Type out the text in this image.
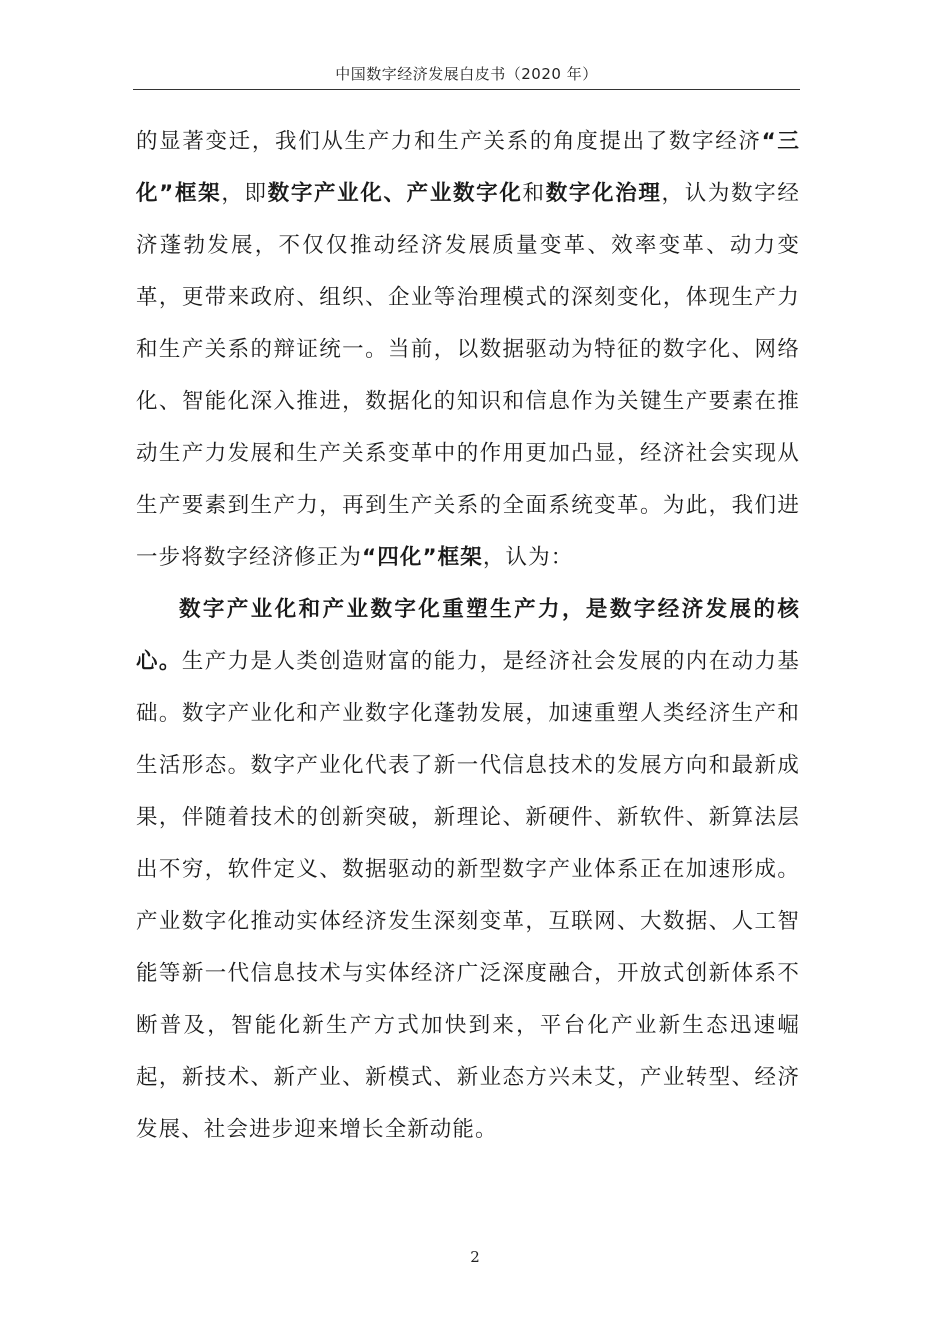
中国数字经济发展白皮书（2020 年）

的显著变迁，我们从生产力和生产关系的角度提出了数字经济“三化”框架，即数字产业化、产业数字化和数字化治理，认为数字经济蓬勃发展，不仅仅推动经济发展质量变革、效率变革、动力变革，更带来政府、组织、企业等治理模式的深刻变化，体现生产力和生产关系的辩证统一。当前，以数据驱动为特征的数字化、网络化、智能化深入推进，数据化的知识和信息作为关键生产要素在推动生产力发展和生产关系变革中的作用更加凸显，经济社会实现从生产要素到生产力，再到生产关系的全面系统变革。为此，我们进一步将数字经济修正为“四化”框架，认为：

数字产业化和产业数字化重塑生产力，是数字经济发展的核心。生产力是人类创造财富的能力，是经济社会发展的内在动力基础。数字产业化和产业数字化蓬勃发展，加速重塑人类经济生产和生活形态。数字产业化代表了新一代信息技术的发展方向和最新成果，伴随着技术的创新突破，新理论、新硬件、新软件、新算法层出不穷，软件定义、数据驱动的新型数字产业体系正在加速形成。产业数字化推动实体经济发生深刻变革，互联网、大数据、人工智能等新一代信息技术与实体经济广泛深度融合，开放式创新体系不断普及，智能化新生产方式加快到来，平台化产业新生态迅速崛起，新技术、新产业、新模式、新业态方兴未艾，产业转型、经济发展、社会进步迎来增长全新动能。

2
